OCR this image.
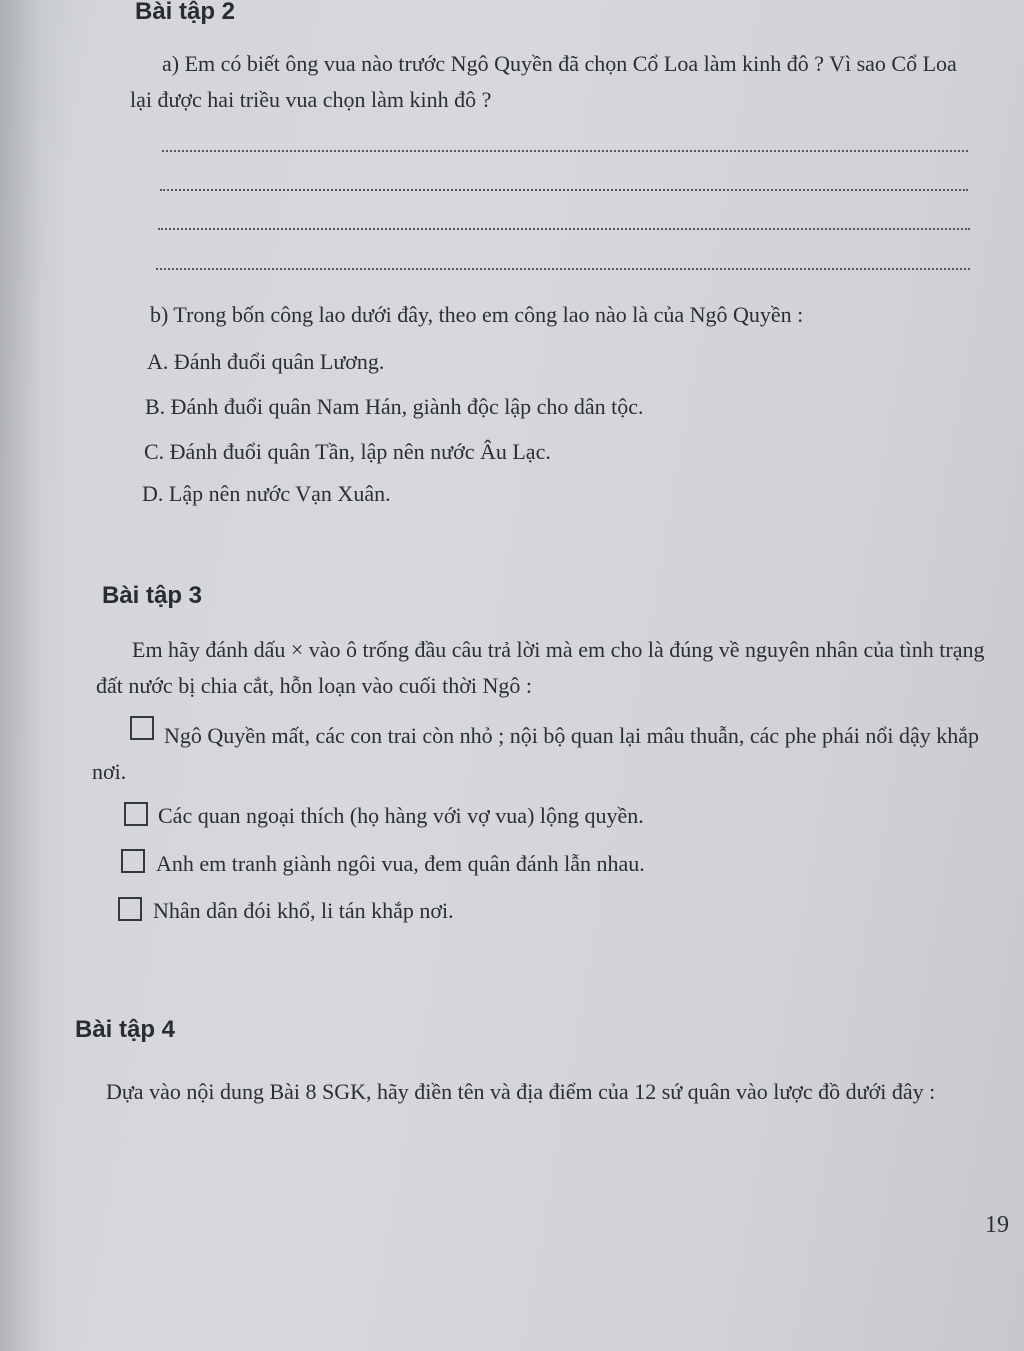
Bài tập 2

a) Em có biết ông vua nào trước Ngô Quyền đã chọn Cổ Loa làm kinh đô ? Vì sao Cổ Loa lại được hai triều vua chọn làm kinh đô ?

b) Trong bốn công lao dưới đây, theo em công lao nào là của Ngô Quyền :

A. Đánh đuổi quân Lương.

B. Đánh đuổi quân Nam Hán, giành độc lập cho dân tộc.

C. Đánh đuổi quân Tần, lập nên nước Âu Lạc.

D. Lập nên nước Vạn Xuân.

Bài tập 3

Em hãy đánh dấu × vào ô trống đầu câu trả lời mà em cho là đúng về nguyên nhân của tình trạng đất nước bị chia cắt, hỗn loạn vào cuối thời Ngô :

Ngô Quyền mất, các con trai còn nhỏ ; nội bộ quan lại mâu thuẫn, các phe phái nổi dậy khắp nơi.

Các quan ngoại thích (họ hàng với vợ vua) lộng quyền.

Anh em tranh giành ngôi vua, đem quân đánh lẫn nhau.

Nhân dân đói khổ, li tán khắp nơi.

Bài tập 4

Dựa vào nội dung Bài 8 SGK, hãy điền tên và địa điểm của 12 sứ quân vào lược đồ dưới đây :

19
